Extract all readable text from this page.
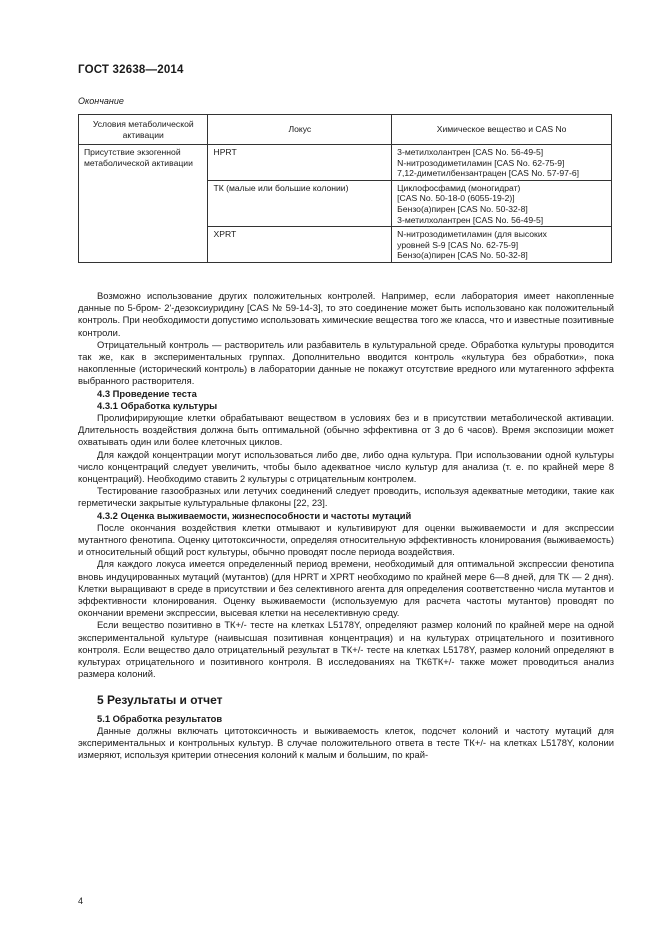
ГОСТ 32638—2014
Окончание
Условия метаболической активации	Локус	Химическое вещество и CAS No
Присутствие экзогенной метаболической активации	HPRT	3-метилхолантрен [CAS No. 56-49-5]
N-нитрозодиметиламин [CAS No. 62-75-9]
7,12-диметилбензантрацен [CAS No. 57-97-6]
	ТК (малые или большие колонии)	Циклофосфамид (моногидрат)
[CAS No. 50-18-0 (6055-19-2)]
Бензо(а)пирен [CAS No. 50-32-8]
3-метилхолантрен [CAS No. 56-49-5]
	XPRT	N-нитрозодиметиламин (для высоких
уровней S-9 [CAS No. 62-75-9]
Бензо(а)пирен [CAS No. 50-32-8]

Возможно использование других положительных контролей. Например, если лаборатория имеет накопленные данные по 5-бром- 2'-дезоксиуридину [CAS № 59-14-3], то это соединение может быть использовано как положительный контроль. При необходимости допустимо использовать химические вещества того же класса, что и известные позитивные контроли.

Отрицательный контроль — растворитель или разбавитель в культуральной среде. Обработка культуры проводится так же, как в экспериментальных группах. Дополнительно вводится контроль «культура без обработки», пока накопленные (исторический контроль) в лаборатории данные не покажут отсутствие вредного или мутагенного эффекта выбранного растворителя.

4.3 Проведение теста
4.3.1 Обработка культуры

Пролифирирующие клетки обрабатывают веществом в условиях без и в присутствии метаболической активации. Длительность воздействия должна быть оптимальной (обычно эффективна от 3 до 6 часов). Время экспозиции может охватывать один или более клеточных циклов.

Для каждой концентрации могут использоваться либо две, либо одна культура. При использовании одной культуры число концентраций следует увеличить, чтобы было адекватное число культур для анализа (т. е. по крайней мере 8 концентраций). Необходимо ставить 2 культуры с отрицательным контролем.

Тестирование газообразных или летучих соединений следует проводить, используя адекватные методики, такие как герметически закрытые культуральные флаконы [22, 23].

4.3.2 Оценка выживаемости, жизнеспособности и частоты мутаций

После окончания воздействия клетки отмывают и культивируют для оценки выживаемости и для экспрессии мутантного фенотипа. Оценку цитотоксичности, определяя относительную эффективность клонирования (выживаемость) и относительный общий рост культуры, обычно проводят после периода воздействия.

Для каждого локуса имеется определенный период времени, необходимый для оптимальной экспрессии фенотипа вновь индуцированных мутаций (мутантов) (для HPRT и XPRT необходимо по крайней мере 6—8 дней, для ТК — 2 дня). Клетки выращивают в среде в присутствии и без селективного агента для определения соответственно числа мутантов и эффективности клонирования. Оценку выживаемости (используемую для расчета частоты мутантов) проводят по окончании времени экспрессии, высевая клетки на неселективную среду.

Если вещество позитивно в ТК+/- тесте на клетках L5178Y, определяют размер колоний по крайней мере на одной экспериментальной культуре (наивысшая позитивная концентрация) и на культурах отрицательного и позитивного контроля. Если вещество дало отрицательный результат в ТК+/- тесте на клетках L5178Y, размер колоний определяют в культурах отрицательного и позитивного контроля. В исследованиях на ТК6ТК+/- также может проводиться анализ размера колоний.

5 Результаты и отчет
5.1 Обработка результатов

Данные должны включать цитотоксичность и выживаемость клеток, подсчет колоний и частоту мутаций для экспериментальных и контрольных культур. В случае положительного ответа в тесте ТК+/- на клетках L5178Y, колонии измеряют, используя критерии отнесения колоний к малым и большим, по край-

4
